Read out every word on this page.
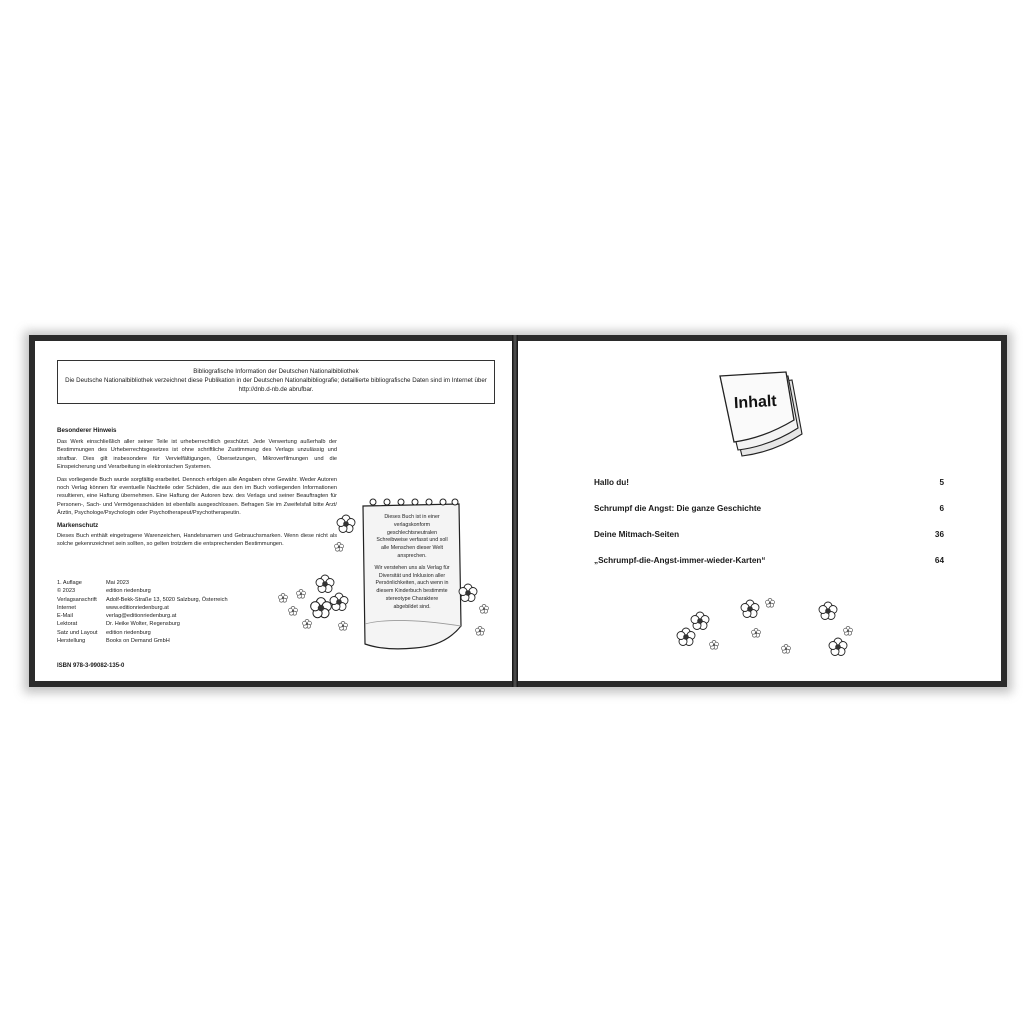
Bibliografische Information der Deutschen Nationalbibliothek
Die Deutsche Nationalbibliothek verzeichnet diese Publikation in der Deutschen Nationalbibliografie; detaillierte bibliografische Daten sind im Internet über
http://dnb.d-nb.de abrufbar.
Besonderer Hinweis
Das Werk einschließlich aller seiner Teile ist urheberrechtlich geschützt. Jede Verwertung außerhalb der Bestimmungen des Urheberrechtsgesetzes ist ohne schriftliche Zustimmung des Verlags unzulässig und strafbar. Dies gilt insbesondere für Vervielfältigungen, Übersetzungen, Mikroverfilmungen und die Einspeicherung und Verarbeitung in elektronischen Systemen.
Das vorliegende Buch wurde sorgfältig erarbeitet. Dennoch erfolgen alle Angaben ohne Gewähr. Weder Autoren noch Verlag können für eventuelle Nachteile oder Schäden, die aus den im Buch vorliegenden Informationen resultieren, eine Haftung übernehmen. Eine Haftung der Autoren bzw. des Verlags und seiner Beauftragten für Personen-, Sach- und Vermögensschäden ist ebenfalls ausgeschlossen. Befragen Sie im Zweifelsfall bitte Arzt/Ärztin, Psychologe/Psychologin oder Psychotherapeut/Psychotherapeutin.
Markenschutz
Dieses Buch enthält eingetragene Warenzeichen, Handelsnamen und Gebrauchsmarken. Wenn diese nicht als solche gekennzeichnet sein sollten, so gelten trotzdem die entsprechenden Bestimmungen.
1. Auflage	Mai 2023
© 2023	edition riedenburg
Verlagsanschrift	Adolf-Bekk-Straße 13, 5020 Salzburg, Österreich
Internet	www.editionriedenburg.at
E-Mail	verlag@editionriedenburg.at
Lektorat	Dr. Heike Wolter, Regensburg
Satz und Layout	edition riedenburg
Herstellung	Books on Demand GmbH
ISBN 978-3-99082-135-0
Dieses Buch ist in einer verlagskonform geschlechtsneutralen Schreibweise verfasst und soll alle Menschen dieser Welt ansprechen.
Wir verstehen uns als Verlag für Diversität und Inklusion aller Persönlichkeiten, auch wenn in diesem Kinderbuch bestimmte stereotype Charaktere abgebildet sind.
Inhalt
Hallo du!	5
Schrumpf die Angst: Die ganze Geschichte	6
Deine Mitmach-Seiten	36
„Schrumpf-die-Angst-immer-wieder-Karten“	64
